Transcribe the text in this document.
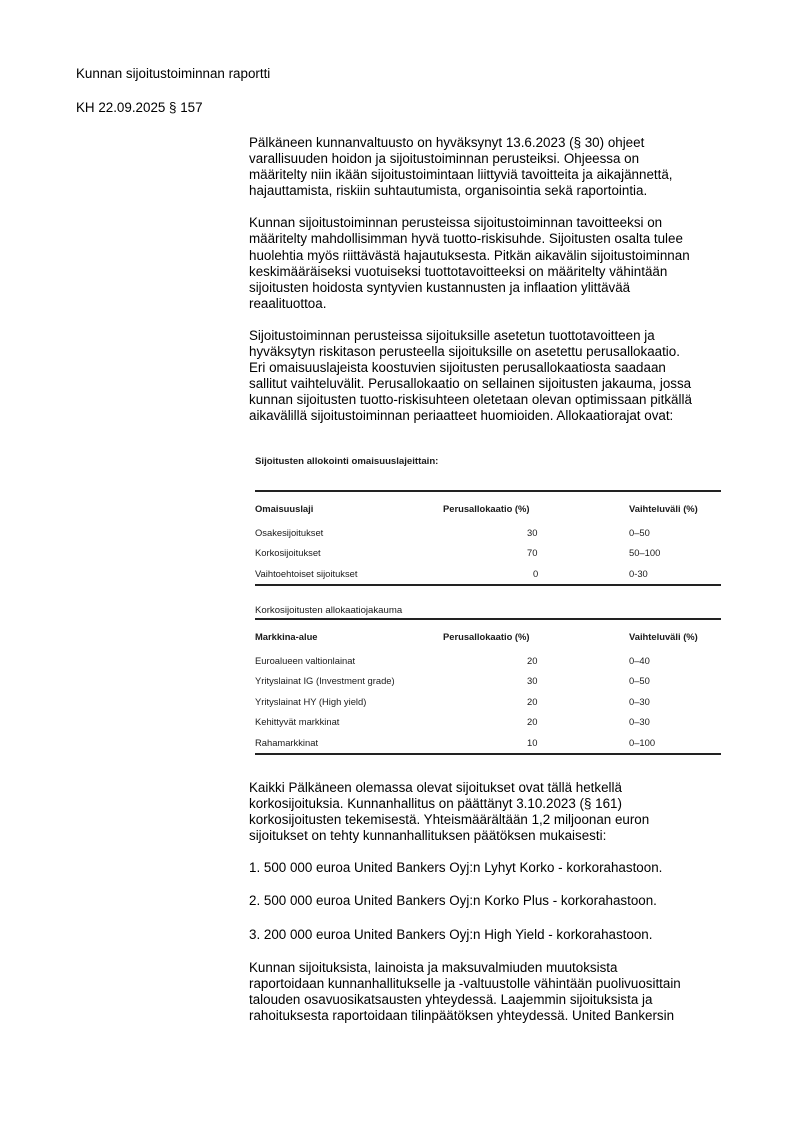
Kunnan sijoitustoiminnan raportti
KH 22.09.2025 § 157

Pälkäneen kunnanvaltuusto on hyväksynyt 13.6.2023 (§ 30) ohjeet
varallisuuden hoidon ja sijoitustoiminnan perusteiksi. Ohjeessa on
määritelty niin ikään sijoitustoimintaan liittyviä tavoitteita ja aikajännettä,
hajauttamista, riskiin suhtautumista, organisointia sekä raportointia.

Kunnan sijoitustoiminnan perusteissa sijoitustoiminnan tavoitteeksi on
määritelty mahdollisimman hyvä tuotto-riskisuhde. Sijoitusten osalta tulee
huolehtia myös riittävästä hajautuksesta. Pitkän aikavälin sijoitustoiminnan
keskimääräiseksi vuotuiseksi tuottotavoitteeksi on määritelty vähintään
sijoitusten hoidosta syntyvien kustannusten ja inflaation ylittävää
reaalituottoa.

Sijoitustoiminnan perusteissa sijoituksille asetetun tuottotavoitteen ja
hyväksytyn riskitason perusteella sijoituksille on asetettu perusallokaatio.
Eri omaisuuslajeista koostuvien sijoitusten perusallokaatiosta saadaan
sallitut vaihteluvälit. Perusallokaatio on sellainen sijoitusten jakauma, jossa
kunnan sijoitusten tuotto-riskisuhteen oletetaan olevan optimissaan pitkällä
aikavälillä sijoitustoiminnan periaatteet huomioiden. Allokaatiorajat ovat:

Sijoitusten allokointi omaisuuslajeittain:
Omaisuuslaji	Perusallokaatio (%)	Vaihteluväli (%)
Osakesijoitukset	30	0–50
Korkosijoitukset	70	50–100
Vaihtoehtoiset sijoitukset	0	0-30
Korkosijoitusten allokaatiojakauma
Markkina-alue	Perusallokaatio (%)	Vaihteluväli (%)
Euroalueen valtionlainat	20	0–40
Yrityslainat IG (Investment grade)	30	0–50
Yrityslainat HY (High yield)	20	0–30
Kehittyvät markkinat	20	0–30
Rahamarkkinat	10	0–100

Kaikki Pälkäneen olemassa olevat sijoitukset ovat tällä hetkellä
korkosijoituksia. Kunnanhallitus on päättänyt 3.10.2023 (§ 161)
korkosijoitusten tekemisestä. Yhteismäärältään 1,2 miljoonan euron
sijoitukset on tehty kunnanhallituksen päätöksen mukaisesti:

1. 500 000 euroa United Bankers Oyj:n Lyhyt Korko - korkorahastoon.
2. 500 000 euroa United Bankers Oyj:n Korko Plus - korkorahastoon.
3. 200 000 euroa United Bankers Oyj:n High Yield - korkorahastoon.

Kunnan sijoituksista, lainoista ja maksuvalmiuden muutoksista
raportoidaan kunnanhallitukselle ja -valtuustolle vähintään puolivuosittain
talouden osavuosikatsausten yhteydessä. Laajemmin sijoituksista ja
rahoituksesta raportoidaan tilinpäätöksen yhteydessä. United Bankersin
